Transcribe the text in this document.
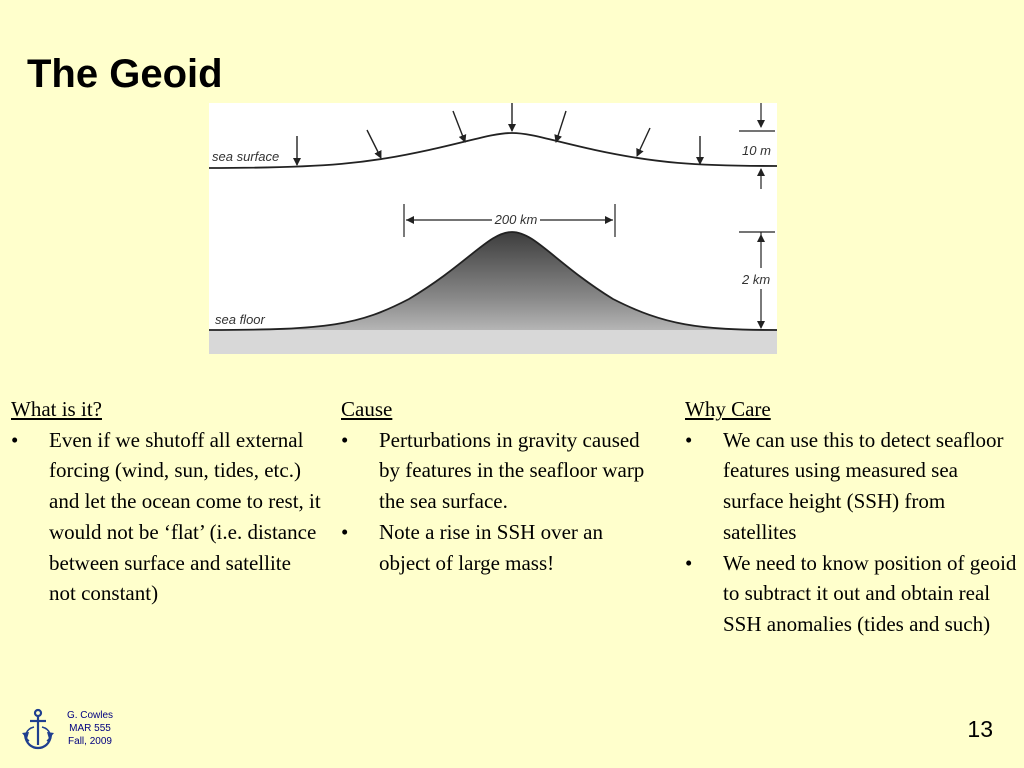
The Geoid
sea surface
sea floor
200 km
10 m
2 km

What is it?

• Even if we shutoff all external forcing (wind, sun, tides, etc.) and let the ocean come to rest, it would not be ‘flat’ (i.e. distance between surface and satellite not constant)

Cause

• Perturbations in gravity caused by features in the seafloor warp the sea surface.
• Note a rise in SSH over an object of large mass!

Why Care

• We can use this to detect seafloor features using measured sea surface height (SSH) from satellites
• We need to know position of geoid to subtract it out and obtain real SSH anomalies (tides and such)
G. Cowles
MAR 555
Fall, 2009	13
